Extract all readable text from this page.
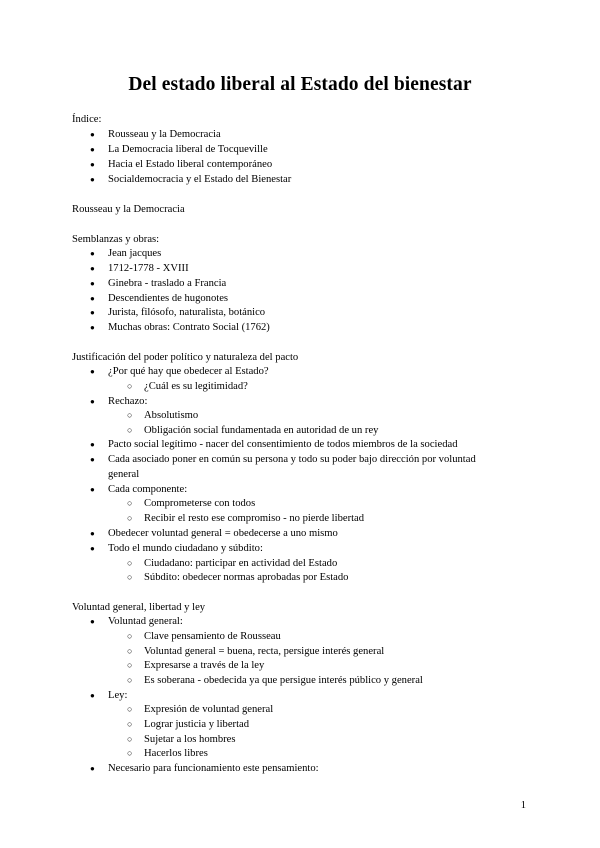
Del estado liberal al Estado del bienestar
Índice:
● Rousseau y la Democracia
● La Democracia liberal de Tocqueville
● Hacia el Estado liberal contemporáneo
● Socialdemocracia y el Estado del Bienestar
Rousseau y la Democracia
Semblanzas y obras:
● Jean jacques
● 1712-1778 - XVIII
● Ginebra - traslado a Francia
● Descendientes de hugonotes
● Jurista, filósofo, naturalista, botánico
● Muchas obras: Contrato Social (1762)
Justificación del poder político y naturaleza del pacto
● ¿Por qué hay que obedecer al Estado?
○ ¿Cuál es su legitimidad?
● Rechazo:
○ Absolutismo
○ Obligación social fundamentada en autoridad de un rey
● Pacto social legítimo - nacer del consentimiento de todos miembros de la sociedad
● Cada asociado poner en común su persona y todo su poder bajo dirección por voluntad general
● Cada componente:
○ Comprometerse con todos
○ Recibir el resto ese compromiso - no pierde libertad
● Obedecer voluntad general = obedecerse a uno mismo
● Todo el mundo ciudadano y súbdito:
○ Ciudadano: participar en actividad del Estado
○ Súbdito: obedecer normas aprobadas por Estado
Voluntad general, libertad y ley
● Voluntad general:
○ Clave pensamiento de Rousseau
○ Voluntad general = buena, recta, persigue interés general
○ Expresarse a través de la ley
○ Es soberana - obedecida ya que persigue interés público y general
● Ley:
○ Expresión de voluntad general
○ Lograr justicia y libertad
○ Sujetar a los hombres
○ Hacerlos libres
● Necesario para funcionamiento este pensamiento:
1
